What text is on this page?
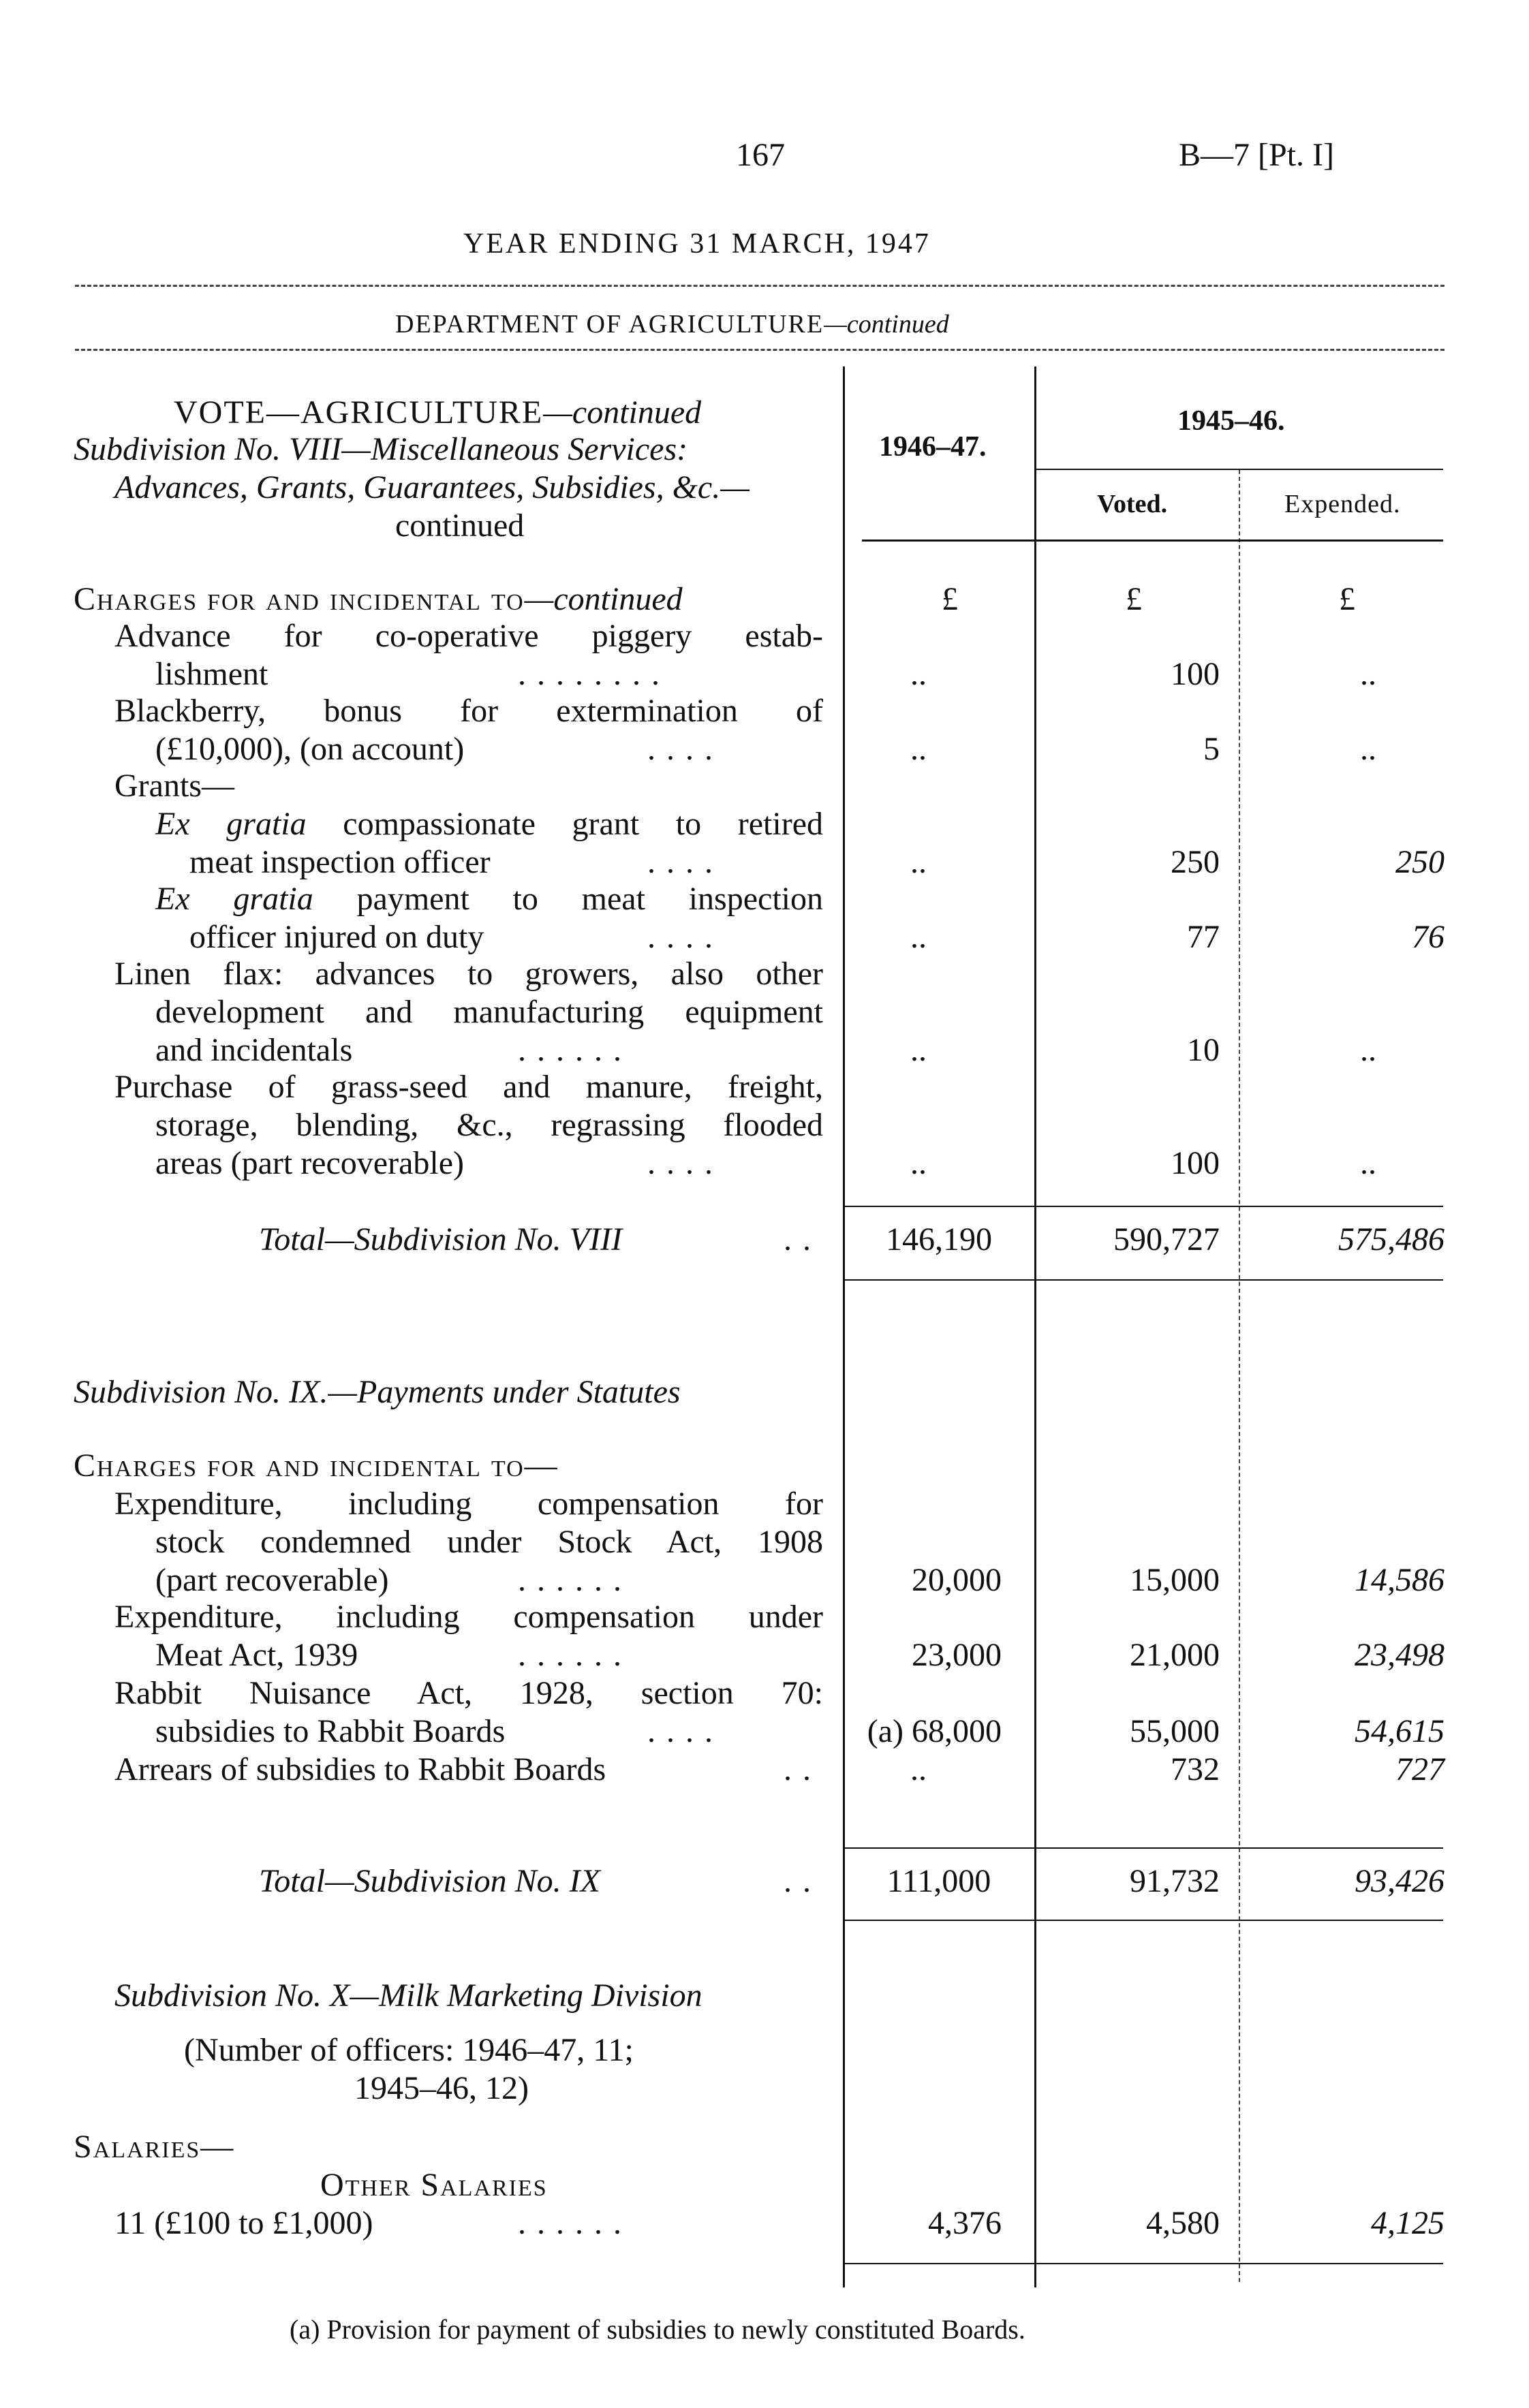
167	B—7 [Pt. I]
YEAR ENDING 31 MARCH, 1947
DEPARTMENT OF AGRICULTURE—continued
1946–47.
1945–46.
Voted.	Expended.
£	£	£
VOTE—AGRICULTURE—continued
Subdivision No. VIII—Miscellaneous Services:
Advances, Grants, Guarantees, Subsidies, &c.—
continued
Charges for and incidental to—continued
Advance for co-operative piggery estab-
lishment	. . . . . . . .	..	100	..
Blackberry, bonus for extermination of
(£10,000), (on account)	. . . .	..	5	..
Grants—
Ex gratia compassionate grant to retired
meat inspection officer	. . . .	..	250	250
Ex gratia payment to meat inspection
officer injured on duty	. . . .	..	77	76
Linen flax: advances to growers, also other
development and manufacturing equipment
and incidentals	. . . . . .	..	10	..
Purchase of grass-seed and manure, freight,
storage, blending, &c., regrassing flooded
areas (part recoverable)	. . . .	..	100	..
Total—Subdivision No. VIII	. .	146,190	590,727	575,486
Subdivision No. IX.—Payments under Statutes
Charges for and incidental to—
Expenditure, including compensation for
stock condemned under Stock Act, 1908
(part recoverable)	. . . . . .	20,000	15,000	14,586
Expenditure, including compensation under
Meat Act, 1939	. . . . . .	23,000	21,000	23,498
Rabbit Nuisance Act, 1928, section 70:
subsidies to Rabbit Boards	. . . .	(a) 68,000	55,000	54,615
Arrears of subsidies to Rabbit Boards	. .	..	732	727
Total—Subdivision No. IX	. .	111,000	91,732	93,426
Subdivision No. X—Milk Marketing Division
(Number of officers: 1946–47, 11;
1945–46, 12)
Salaries—
Other Salaries
11 (£100 to £1,000)	. . . . . .	4,376	4,580	4,125
(a) Provision for payment of subsidies to newly constituted Boards.
